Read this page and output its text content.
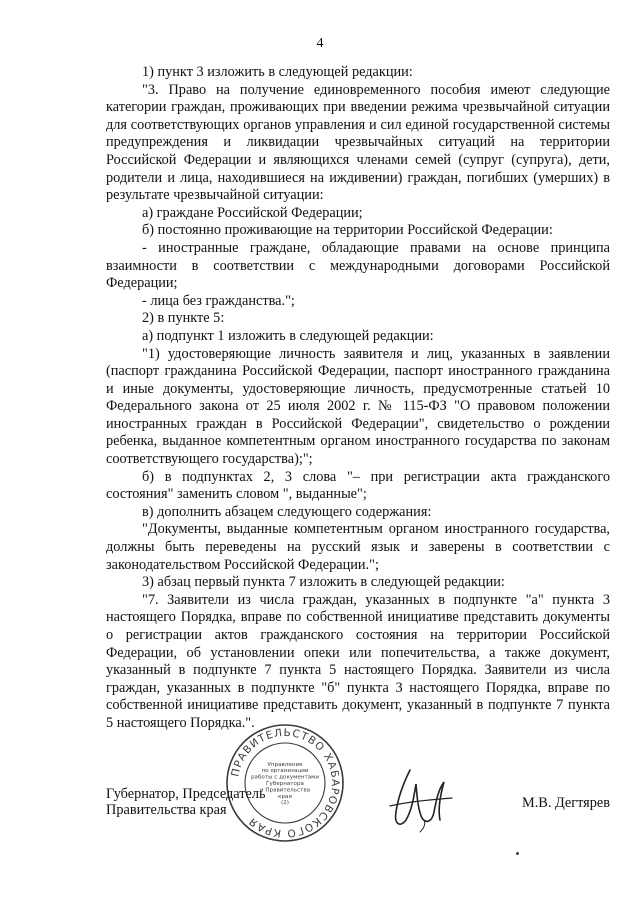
4

1) пункт 3 изложить в следующей редакции:

"3. Право на получение единовременного пособия имеют следующие категории граждан, проживающих при введении режима чрезвычайной ситуации для соответствующих органов управления и сил единой государственной системы предупреждения и ликвидации чрезвычайных ситуаций на территории Российской Федерации и являющихся членами семей (супруг (супруга), дети, родители и лица, находившиеся на иждивении) граждан, погибших (умерших) в результате чрезвычайной ситуации:

а) граждане Российской Федерации;

б) постоянно проживающие на территории Российской Федерации:

- иностранные граждане, обладающие правами на основе принципа взаимности в соответствии с международными договорами Российской Федерации;

- лица без гражданства.";

2) в пункте 5:

а) подпункт 1 изложить в следующей редакции:

"1) удостоверяющие личность заявителя и лиц, указанных в заявлении (паспорт гражданина Российской Федерации, паспорт иностранного гражданина и иные документы, удостоверяющие личность, предусмотренные статьей 10 Федерального закона от 25 июля 2002 г. № 115-ФЗ "О правовом положении иностранных граждан в Российской Федерации", свидетельство о рождении ребенка, выданное компетентным органом иностранного государства по законам соответствующего государства);";

б) в подпунктах 2, 3 слова "– при регистрации акта гражданского состояния" заменить словом ", выданные";

в) дополнить абзацем следующего содержания:

"Документы, выданные компетентным органом иностранного государства, должны быть переведены на русский язык и заверены в соответствии с законодательством Российской Федерации.";

3) абзац первый пункта 7 изложить в следующей редакции:

"7. Заявители из числа граждан, указанных в подпункте "а" пункта 3 настоящего Порядка, вправе по собственной инициативе представить документы о регистрации актов гражданского состояния на территории Российской Федерации, об установлении опеки или попечительства, а также документ, указанный в подпункте 7 пункта 5 настоящего Порядка. Заявители из числа граждан, указанных в подпункте "б" пункта 3 настоящего Порядка, вправе по собственной инициативе представить документ, указанный в подпункте 7 пункта 5 настоящего Порядка.".

ПРАВИТЕЛЬСТВО ХАБАРОВСКОГО КРАЯ
Управление
по организации
работы с документами
Губернатора
и Правительства
края
(2)
Губернатор, Председатель
Правительства края	М.В. Дегтярев
